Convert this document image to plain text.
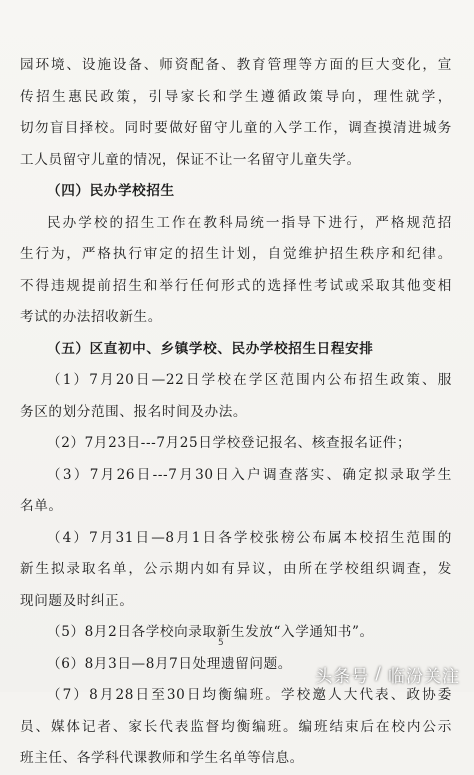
园环境、设施设备、师资配备、教育管理等方面的巨大变化，宣
传招生惠民政策，引导家长和学生遵循政策导向，理性就学，
切勿盲目择校。同时要做好留守儿童的入学工作，调查摸清进城务
工人员留守儿童的情况，保证不让一名留守儿童失学。
（四）民办学校招生
民办学校的招生工作在教科局统一指导下进行，严格规范招
生行为，严格执行审定的招生计划，自觉维护招生秩序和纪律。
不得违规提前招生和举行任何形式的选择性考试或采取其他变相
考试的办法招收新生。
（五）区直初中、乡镇学校、民办学校招生日程安排
（1）7月20日—22日学校在学区范围内公布招生政策、服
务区的划分范围、报名时间及办法。
（2）7月23日---7月25日学校登记报名、核查报名证件；
（3）7月26日---7月30日入户调查落实、确定拟录取学生
名单。
（4）7月31日—8月1日各学校张榜公布属本校招生范围的
新生拟录取名单，公示期内如有异议，由所在学校组织调查，发
现问题及时纠正。
（5）8月2日各学校向录取新生发放“入学通知书”。
（6）8月3日—8月7日处理遗留问题。
（7）8月28日至30日均衡编班。学校邀人大代表、政协委
员、媒体记者、家长代表监督均衡编班。编班结束后在校内公示
班主任、各学科代课教师和学生名单等信息。
5
头条号 / 临汾关注
